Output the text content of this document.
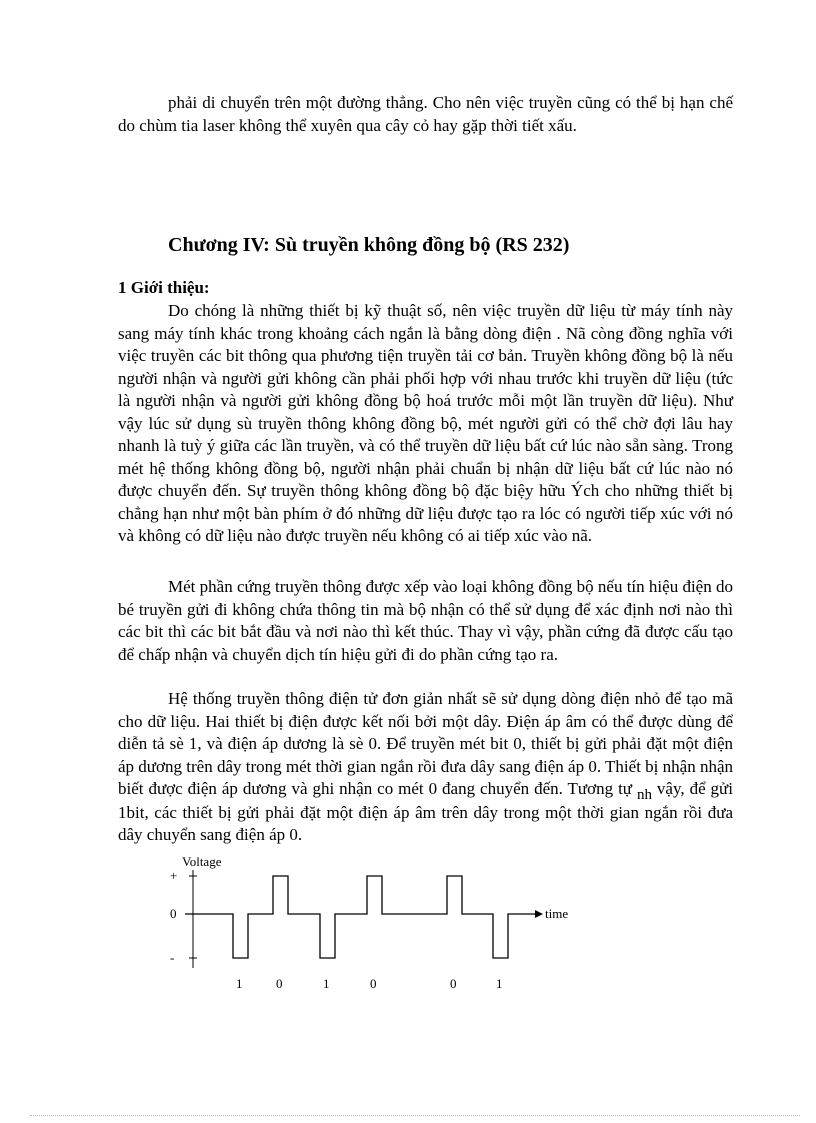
phải di chuyển trên một đường thẳng. Cho nên việc truyền cũng có thể bị hạn chế do chùm tia laser không thể xuyên qua cây cỏ hay gặp thời tiết xấu.

Chương IV: Sù truyền không đồng bộ (RS 232)
1 Giới thiệu:

Do chóng là những thiết bị kỹ thuật số, nên việc truyền dữ liệu từ máy tính này sang máy tính khác trong khoảng cách ngắn là bằng dòng điện . Nã còng đồng nghĩa với việc truyền các bit thông qua phương tiện truyền tải cơ bản. Truyền không đồng bộ là nếu người nhận và người gửi không cần phải phối hợp với nhau trước khi truyền dữ liệu (tức là người nhận và người gửi không đồng bộ hoá trước mỗi một lần truyền dữ liệu). Như vậy lúc sử dụng sù truyền thông không đồng bộ, mét người gửi có thể chờ đợi lâu hay nhanh là tuỳ ý giữa các lần truyền, và có thể truyền dữ liệu bất cứ lúc nào sẵn sàng. Trong mét hệ thống không đồng bộ, người nhận phải chuẩn bị nhận dữ liệu bất cứ lúc nào nó được chuyển đến. Sự truyền thông không đồng bộ đặc biệy hữu Ých cho những thiết bị chẳng hạn như một bàn phím ở đó những dữ liệu được tạo ra lóc có người tiếp xúc với nó và không có dữ liệu nào được truyền nếu không có ai tiếp xúc vào nã.

Mét phần cứng truyền thông được xếp vào loại không đồng bộ nếu tín hiệu điện do bé truyền gửi đi không chứa thông tin mà bộ nhận có thể sử dụng để xác định nơi nào thì các bit thì các bit bắt đầu và nơi nào thì kết thúc. Thay vì vậy, phần cứng đã được cấu tạo để chấp nhận và chuyển dịch tín hiệu gửi đi do phần cứng tạo ra.

Hệ thống truyền thông điện tử đơn giản nhất sẽ sử dụng dòng điện nhỏ để tạo mã cho dữ liệu. Hai thiết bị điện được kết nối bởi một dây. Điện áp âm có thể được dùng để diễn tả sè 1, và điện áp dương là sè 0. Để truyền mét bit 0, thiết bị gửi phải đặt một điện áp dương trên dây trong mét thời gian ngắn rồi đưa dây sang điện áp 0. Thiết bị nhận nhận biết được điện áp dương và ghi nhận co mét 0 đang chuyển đến. Tương tự nh vậy, để gửi 1bit, các thiết bị gửi phải đặt một điện áp âm trên dây trong một thời gian ngắn rồi đưa dây chuyển sang điện áp 0.

Voltage
+
0
-
time
1	0	1	0	0	1
